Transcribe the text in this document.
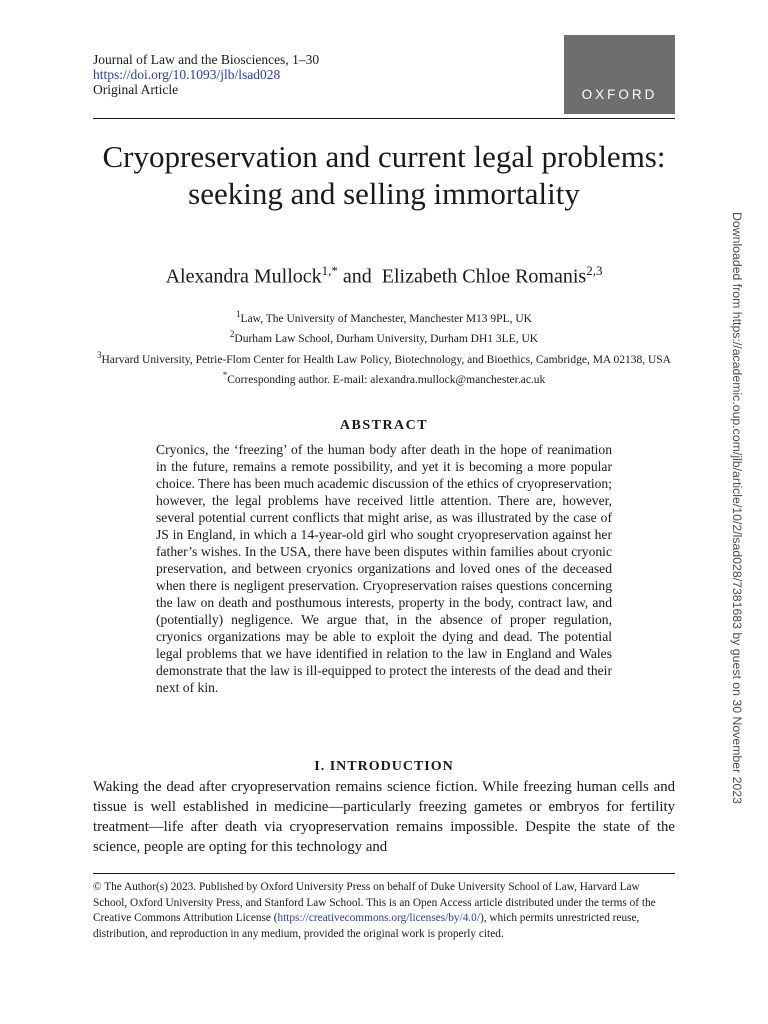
Journal of Law and the Biosciences, 1–30
https://doi.org/10.1093/jlb/lsad028
Original Article	OXFORD
Cryopreservation and current legal problems: seeking and selling immortality
Alexandra Mullock$^{1,*}$ and Elizabeth Chloe Romanis$^{2,3}$
$^1$Law, The University of Manchester, Manchester M13 9PL, UK
$^2$Durham Law School, Durham University, Durham DH1 3LE, UK
$^3$Harvard University, Petrie-Flom Center for Health Law Policy, Biotechnology, and Bioethics, Cambridge, MA 02138, USA
*Corresponding author. E-mail: alexandra.mullock@manchester.ac.uk
ABSTRACT

Cryonics, the ‘freezing’ of the human body after death in the hope of reanimation in the future, remains a remote possibility, and yet it is becoming a more popular choice. There has been much academic discussion of the ethics of cryopreservation; however, the legal problems have received little attention. There are, however, several potential current conflicts that might arise, as was illustrated by the case of JS in England, in which a 14-year-old girl who sought cryopreservation against her father’s wishes. In the USA, there have been disputes within families about cryonic preservation, and between cryonics organizations and loved ones of the deceased when there is negligent preservation. Cryopreservation raises questions concerning the law on death and posthumous interests, property in the body, contract law, and (potentially) negligence. We argue that, in the absence of proper regulation, cryonics organizations may be able to exploit the dying and dead. The potential legal problems that we have identified in relation to the law in England and Wales demonstrate that the law is ill-equipped to protect the interests of the dead and their next of kin.

I. INTRODUCTION

Waking the dead after cryopreservation remains science fiction. While freezing human cells and tissue is well established in medicine—particularly freezing gametes or embryos for fertility treatment—life after death via cryopreservation remains impossible. Despite the state of the science, people are opting for this technology and

© The Author(s) 2023. Published by Oxford University Press on behalf of Duke University School of Law, Harvard Law School, Oxford University Press, and Stanford Law School. This is an Open Access article distributed under the terms of the Creative Commons Attribution License (https://creativecommons.org/licenses/by/4.0/), which permits unrestricted reuse, distribution, and reproduction in any medium, provided the original work is properly cited.

Downloaded from https://academic.oup.com/jlb/article/10/2/lsad028/7381683 by guest on 30 November 2023
